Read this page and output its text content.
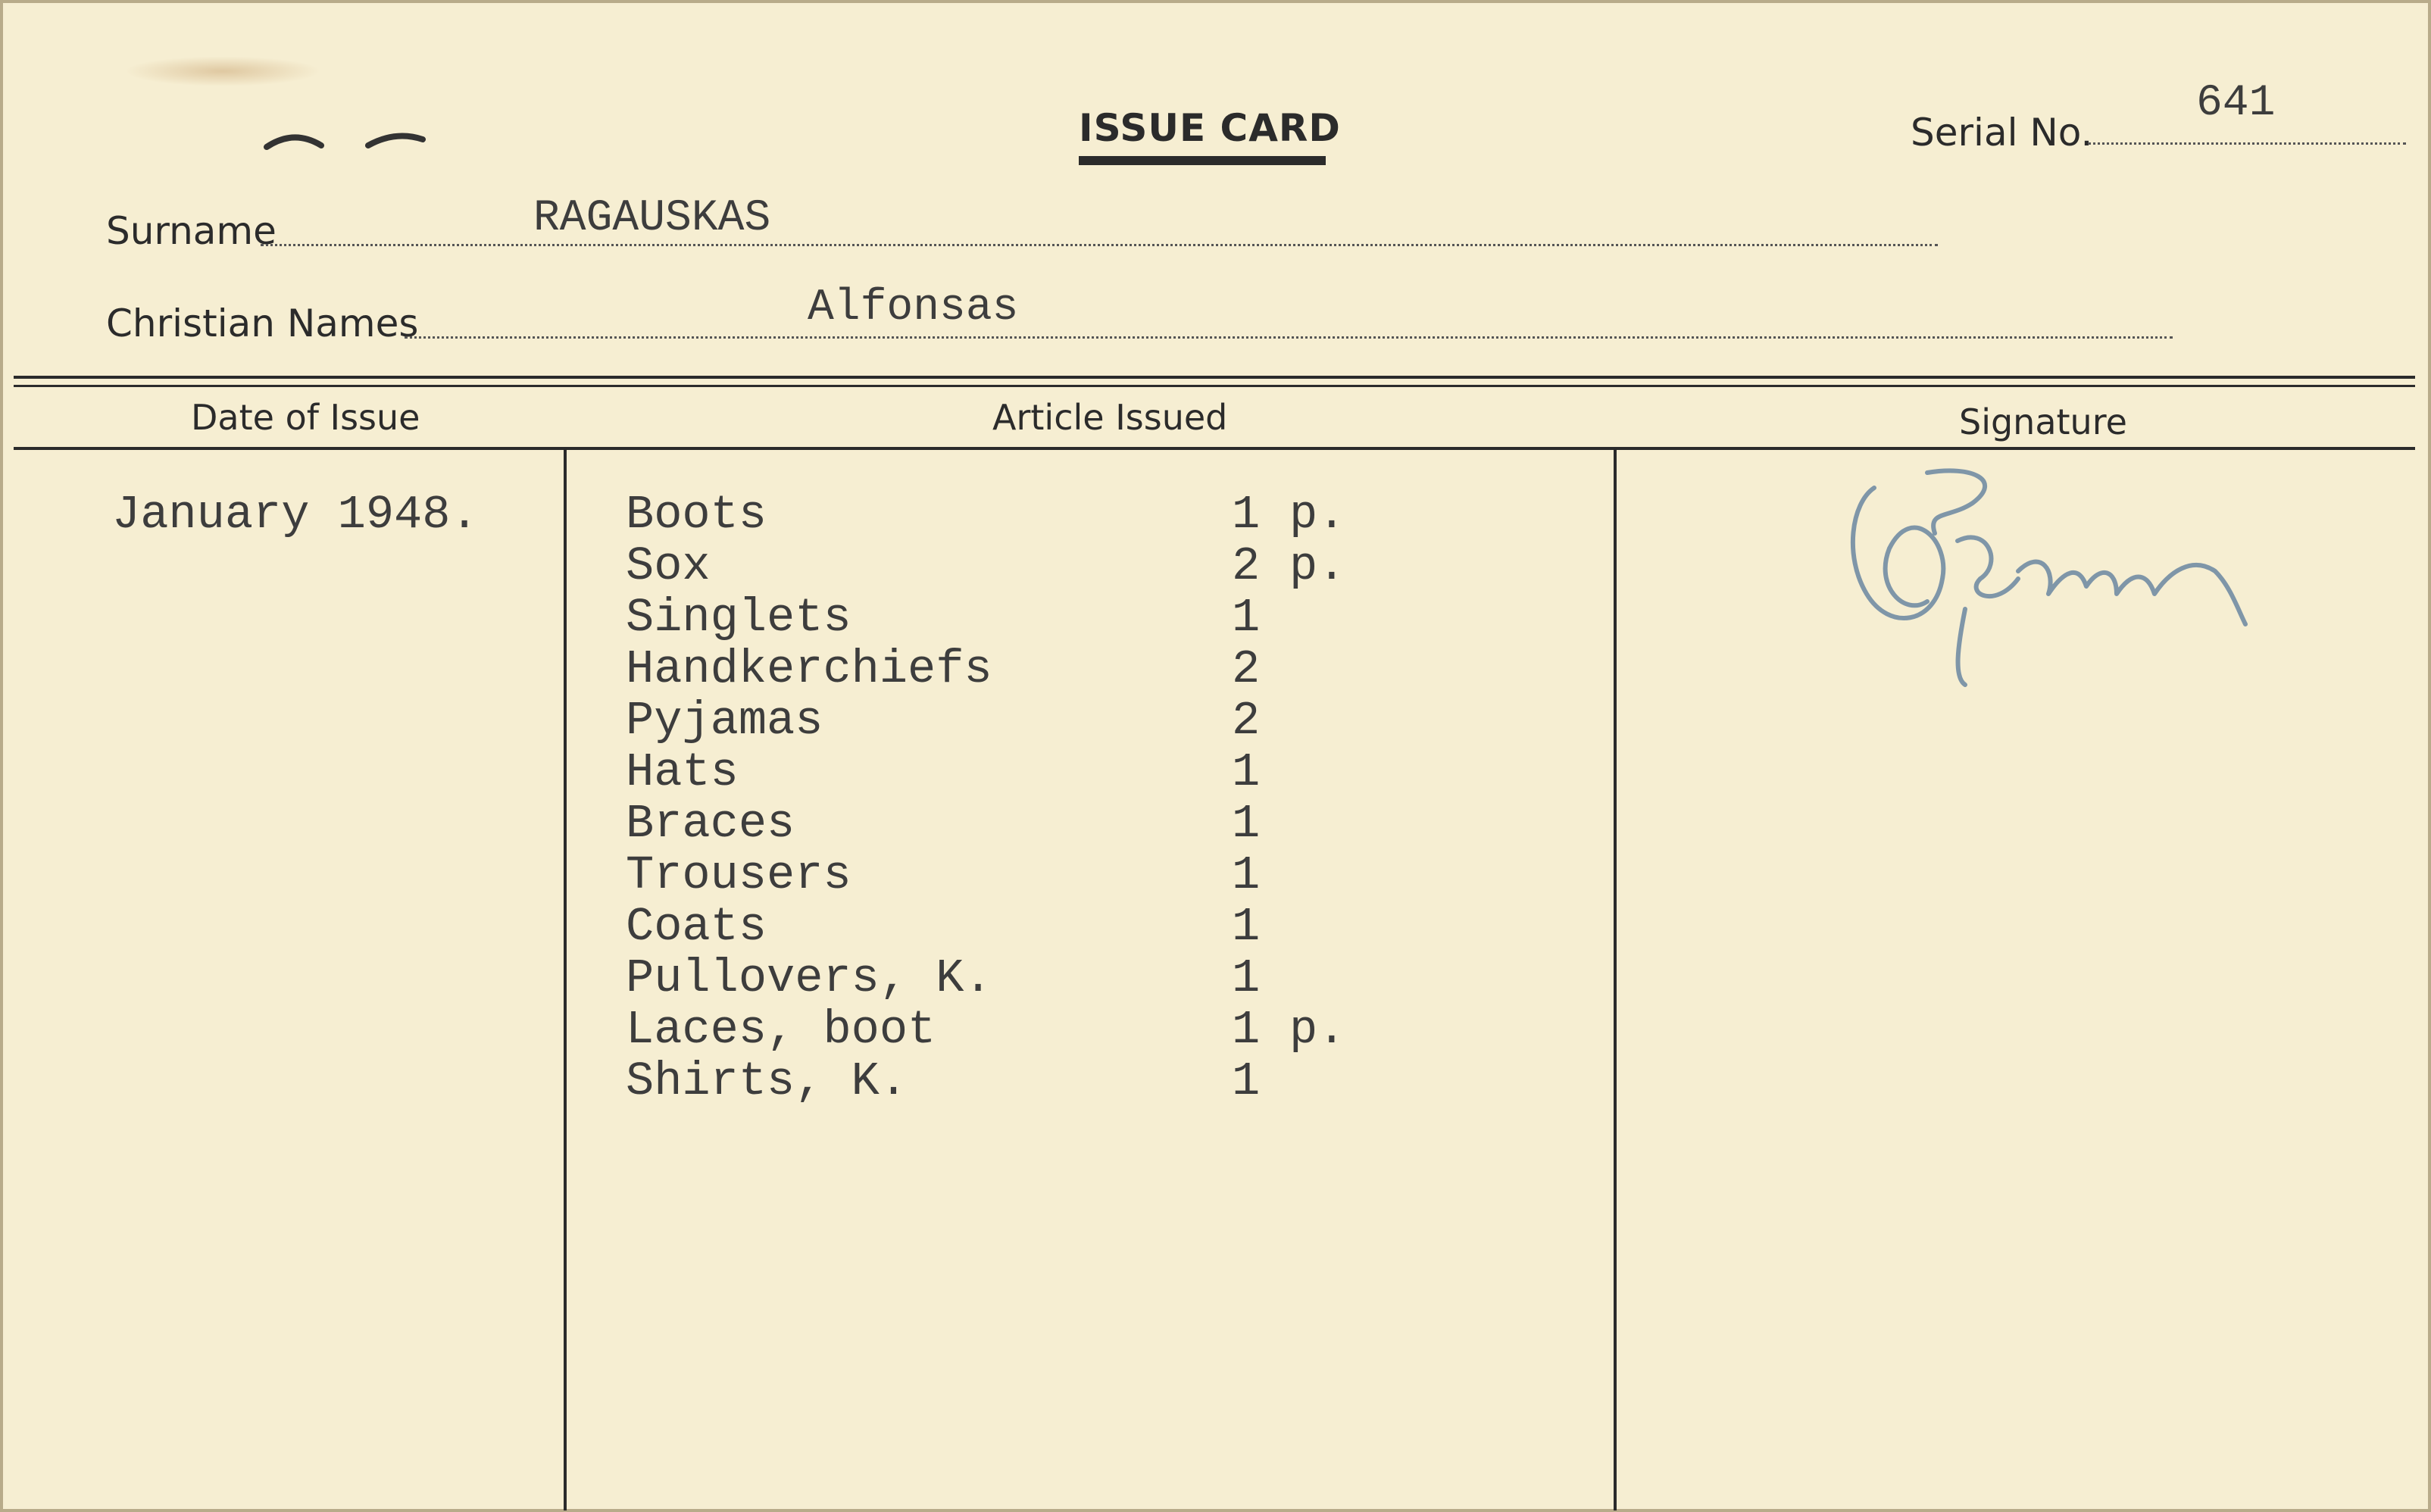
ISSUE CARD	Serial No.
641
Surname	RAGAUSKAS
Christian Names	Alfonsas
Date of Issue	Article Issued	Signature
January 1948.	Boots	1 p.
Sox	2 p.
Singlets	1
Handkerchiefs	2
Pyjamas	2
Hats	1
Braces	1
Trousers	1
Coats	1
Pullovers, K.	1
Laces, boot	1 p.
Shirts, K.	1
